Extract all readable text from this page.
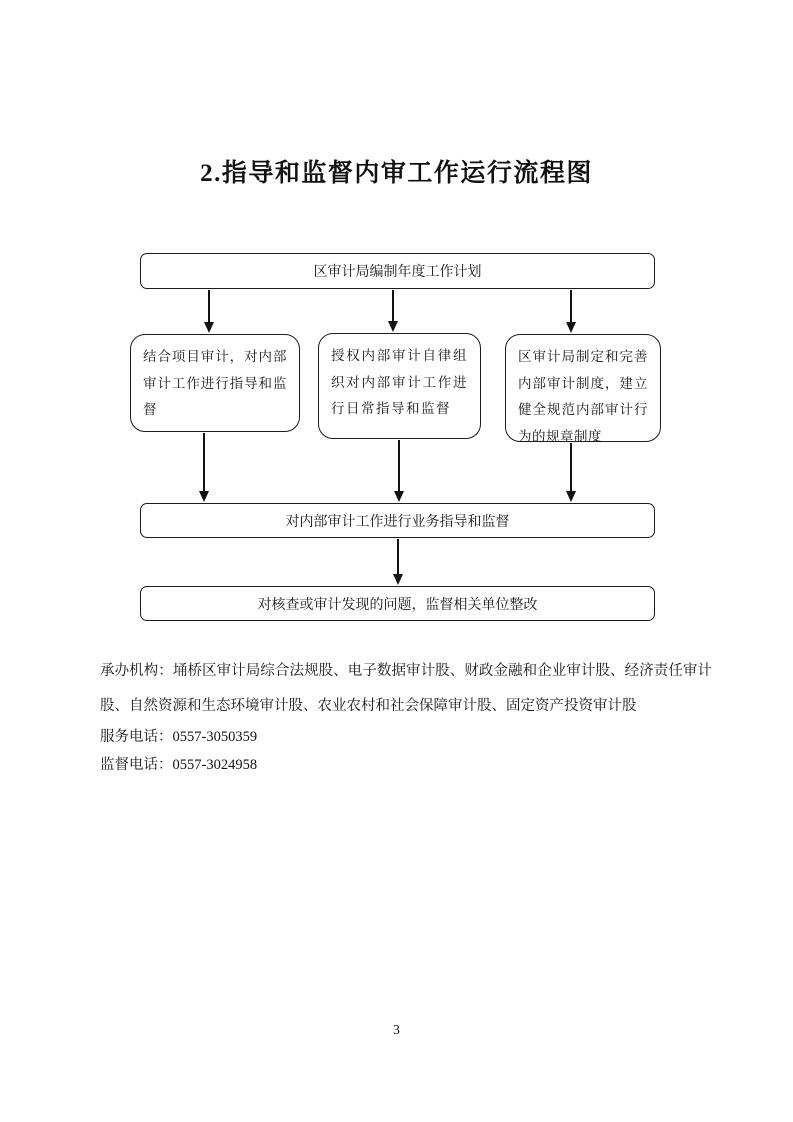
2.指导和监督内审工作运行流程图
区审计局编制年度工作计划
结合项目审计，对内部审计工作进行指导和监督
授权内部审计自律组织对内部审计工作进行日常指导和监督
区审计局制定和完善内部审计制度，建立健全规范内部审计行为的规章制度
对内部审计工作进行业务指导和监督
对核查或审计发现的问题，监督相关单位整改

承办机构：埇桥区审计局综合法规股、电子数据审计股、财政金融和企业审计股、经济责任审计股、自然资源和生态环境审计股、农业农村和社会保障审计股、固定资产投资审计股

服务电话：0557-3050359

监督电话：0557-3024958

3
